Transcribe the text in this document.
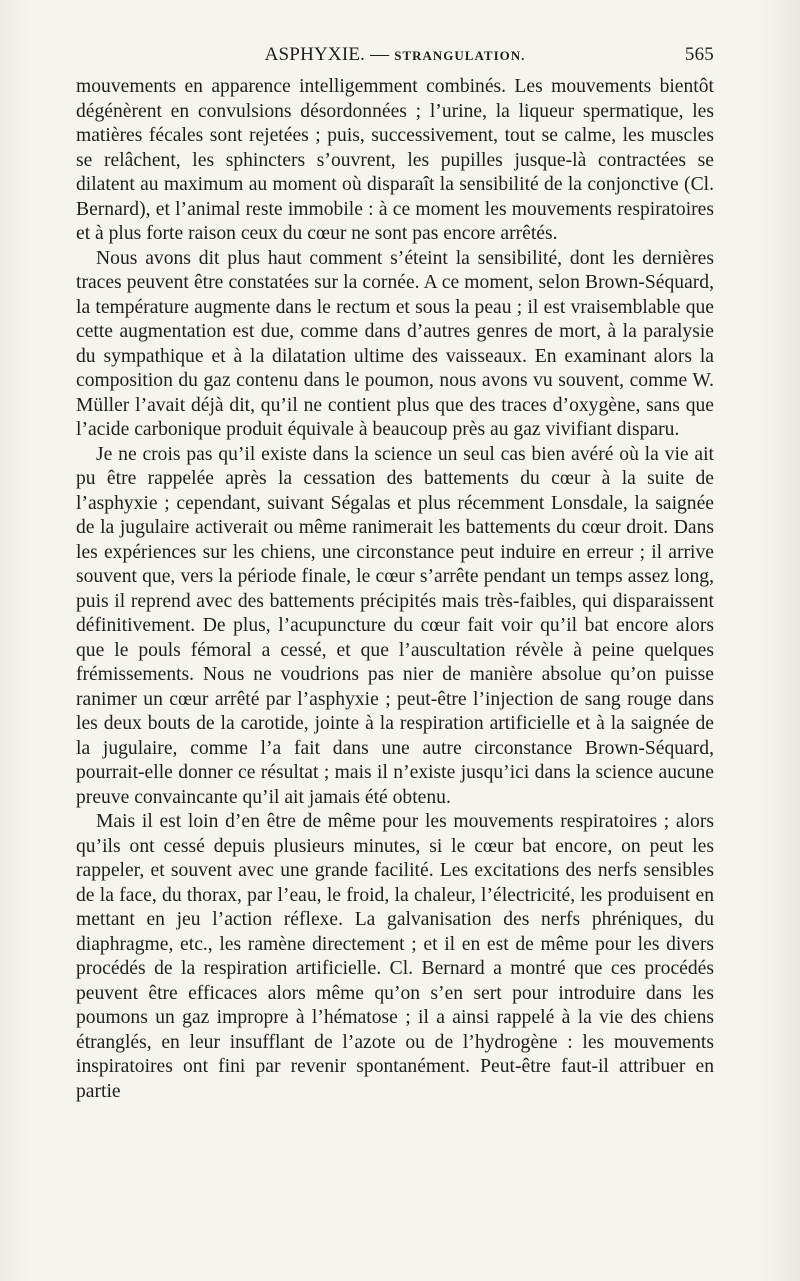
ASPHYXIE. — STRANGULATION.	565

mouvements en apparence intelligemment combinés. Les mouvements bientôt dégénèrent en convulsions désordonnées ; l’urine, la liqueur spermatique, les matières fécales sont rejetées ; puis, successivement, tout se calme, les muscles se relâchent, les sphincters s’ouvrent, les pupilles jusque-là contractées se dilatent au maximum au moment où disparaît la sensibilité de la conjonctive (Cl. Bernard), et l’animal reste immobile : à ce moment les mouvements respiratoires et à plus forte raison ceux du cœur ne sont pas encore arrêtés.

Nous avons dit plus haut comment s’éteint la sensibilité, dont les dernières traces peuvent être constatées sur la cornée. A ce moment, selon Brown-Séquard, la température augmente dans le rectum et sous la peau ; il est vraisemblable que cette augmentation est due, comme dans d’autres genres de mort, à la paralysie du sympathique et à la dilatation ultime des vaisseaux. En examinant alors la composition du gaz contenu dans le poumon, nous avons vu souvent, comme W. Müller l’avait déjà dit, qu’il ne contient plus que des traces d’oxygène, sans que l’acide carbonique produit équivale à beaucoup près au gaz vivifiant disparu.

Je ne crois pas qu’il existe dans la science un seul cas bien avéré où la vie ait pu être rappelée après la cessation des battements du cœur à la suite de l’asphyxie ; cependant, suivant Ségalas et plus récemment Lonsdale, la saignée de la jugulaire activerait ou même ranimerait les battements du cœur droit. Dans les expériences sur les chiens, une circonstance peut induire en erreur ; il arrive souvent que, vers la période finale, le cœur s’arrête pendant un temps assez long, puis il reprend avec des battements précipités mais très-faibles, qui disparaissent définitivement. De plus, l’acupuncture du cœur fait voir qu’il bat encore alors que le pouls fémoral a cessé, et que l’auscultation révèle à peine quelques frémissements. Nous ne voudrions pas nier de manière absolue qu’on puisse ranimer un cœur arrêté par l’asphyxie ; peut-être l’injection de sang rouge dans les deux bouts de la carotide, jointe à la respiration artificielle et à la saignée de la jugulaire, comme l’a fait dans une autre circonstance Brown-Séquard, pourrait-elle donner ce résultat ; mais il n’existe jusqu’ici dans la science aucune preuve convaincante qu’il ait jamais été obtenu.

Mais il est loin d’en être de même pour les mouvements respiratoires ; alors qu’ils ont cessé depuis plusieurs minutes, si le cœur bat encore, on peut les rappeler, et souvent avec une grande facilité. Les excitations des nerfs sensibles de la face, du thorax, par l’eau, le froid, la chaleur, l’électricité, les produisent en mettant en jeu l’action réflexe. La galvanisation des nerfs phréniques, du diaphragme, etc., les ramène directement ; et il en est de même pour les divers procédés de la respiration artificielle. Cl. Bernard a montré que ces procédés peuvent être efficaces alors même qu’on s’en sert pour introduire dans les poumons un gaz impropre à l’hématose ; il a ainsi rappelé à la vie des chiens étranglés, en leur insufflant de l’azote ou de l’hydrogène : les mouvements inspiratoires ont fini par revenir spontanément. Peut-être faut-il attribuer en partie
